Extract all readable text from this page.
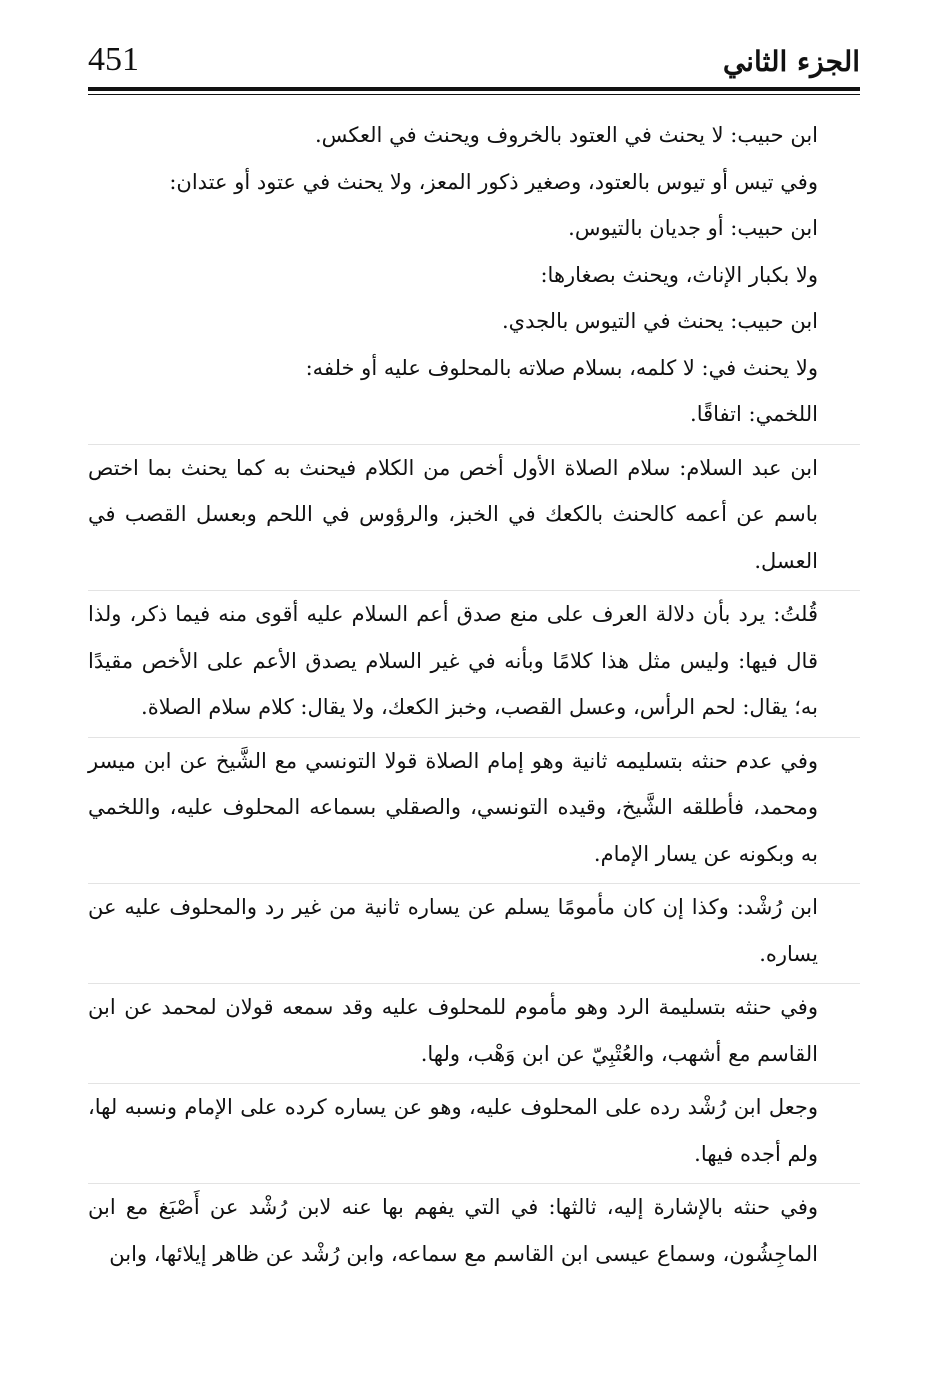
451	الجزء الثاني

ابن حبيب: لا يحنث في العتود بالخروف ويحنث في العكس.

وفي تيس أو تيوس بالعتود، وصغير ذكور المعز، ولا يحنث في عتود أو عتدان:

ابن حبيب: أو جديان بالتيوس.

ولا بكبار الإناث، ويحنث بصغارها:

ابن حبيب: يحنث في التيوس بالجدي.

ولا يحنث في: لا كلمه، بسلام صلاته بالمحلوف عليه أو خلفه:

اللخمي: اتفاقًا.

ابن عبد السلام: سلام الصلاة الأول أخص من الكلام فيحنث به كما يحنث بما اختص باسم عن أعمه كالحنث بالكعك في الخبز، والرؤوس في اللحم وبعسل القصب في العسل.

قُلتُ: يرد بأن دلالة العرف على منع صدق أعم السلام عليه أقوى منه فيما ذكر، ولذا قال فيها: وليس مثل هذا كلامًا وبأنه في غير السلام يصدق الأعم على الأخص مقيدًا به؛ يقال: لحم الرأس، وعسل القصب، وخبز الكعك، ولا يقال: كلام سلام الصلاة.

وفي عدم حنثه بتسليمه ثانية وهو إمام الصلاة قولا التونسي مع الشَّيخ عن ابن ميسر ومحمد، فأطلقه الشَّيخ، وقيده التونسي، والصقلي بسماعه المحلوف عليه، واللخمي به وبكونه عن يسار الإمام.

ابن رُشْد: وكذا إن كان مأمومًا يسلم عن يساره ثانية من غير رد والمحلوف عليه عن يساره.

وفي حنثه بتسليمة الرد وهو مأموم للمحلوف عليه وقد سمعه قولان لمحمد عن ابن القاسم مع أشهب، والعُتْبِيّ عن ابن وَهْب، ولها.

وجعل ابن رُشْد رده على المحلوف عليه، وهو عن يساره كرده على الإمام ونسبه لها، ولم أجده فيها.

وفي حنثه بالإشارة إليه، ثالثها: في التي يفهم بها عنه لابن رُشْد عن أَصْبَغ مع ابن الماجِشُون، وسماع عيسى ابن القاسم مع سماعه، وابن رُشْد عن ظاهر إيلائها، وابن
